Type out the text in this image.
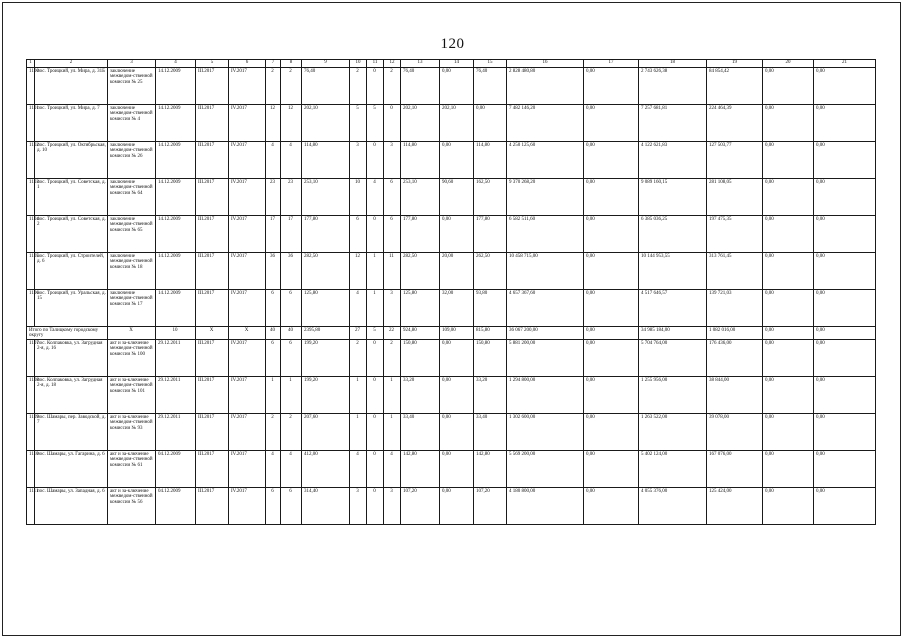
120
1	2	3	4	5	6	7	8	9	10	11	12	13	14	15	16	17	18	19	20	21
1100	пос. Троицкий, ул. Мира, д. 31Б	заключение межведом-ственной комиссии № 25	14.12.2009	III.2017	IV.2017	2	2	76,40	2	0	2	76,40	0,00	76,40	2 828 480,80	0,00	2 743 626,38	84 854,42	0,00	0,00
1101	пос. Троицкий, ул. Мира, д. 7	заключение межведом-ственной комиссии № 4	14.12.2009	III.2017	IV.2017	12	12	202,10	5	5	0	202,10	202,10	0,00	7 482 146,20	0,00	7 257 681,81	224 464,39	0,00	0,00
1102	пос. Троицкий, ул. Октябрьская, д. 10	заключение межведом-ственной комиссии № 26	14.12.2009	III.2017	IV.2017	4	4	114,80	3	0	3	114,80	0,00	114,80	4 250 125,60	0,00	4 122 621,83	127 503,77	0,00	0,00
1103	пос. Троицкий, ул. Советская, д. 1	заключение межведом-ственной комиссии № 64	14.12.2009	III.2017	IV.2017	23	23	253,10	10	4	6	253,10	90,60	162,50	9 370 268,20	0,00	9 089 160,15	281 108,05	0,00	0,00
1104	пос. Троицкий, ул. Советская, д. 2	заключение межведом-ственной комиссии № 65	14.12.2009	III.2017	IV.2017	17	17	177,80	6	0	6	177,80	0,00	177,80	6 582 511,60	0,00	6 385 036,25	197 475,35	0,00	0,00
1105	пос. Троицкий, ул. Строителей, д. 6	заключение межведом-ственной комиссии № 18	14.12.2009	III.2017	IV.2017	36	36	282,50	12	1	11	282,50	20,00	262,50	10 458 715,00	0,00	10 144 953,55	313 761,45	0,00	0,00
1106	пос. Троицкий, ул. Уральская, д. 15	заключение межведом-ственной комиссии № 17	14.12.2009	III.2017	IV.2017	6	6	125,80	4	1	3	125,80	32,00	93,80	4 657 367,60	0,00	4 517 646,57	139 721,03	0,00	0,00
Итого по Талицкому городскому округу		Х	10	Х	Х	40	40	2395,80	27	5	22	924,80	109,00	815,80	36 067 200,00	0,00	34 985 184,00	1 082 016,00	0,00	0,00
1107	пос. Колпаковка, ул. Загрудная 2-я, д. 16	акт и за-ключение межведом-ственной комиссии № 100	29.12.2011	III.2017	IV.2017	6	6	199,20	2	0	2	150,80	0,00	150,80	5 881 200,00	0,00	5 704 764,00	176 436,00	0,00	0,00
1108	пос. Колпаковка, ул. Загрудная 2-я, д. 18	акт и за-ключение межведом-ственной комиссии № 101	29.12.2011	III.2017	IV.2017	1	1	199,20	1	0	1	33,20	0,00	33,20	1 294 800,00	0,00	1 255 956,00	38 844,00	0,00	0,00
1109	пос. Шамары, пер. Заводской, д. 7	акт и за-ключение межведом-ственной комиссии № 93	29.12.2011	III.2017	IV.2017	2	2	207,60	1	0	1	33,40	0,00	33,40	1 302 600,00	0,00	1 263 522,00	39 078,00	0,00	0,00
1110	пос. Шамары, ул. Гагарина, д. 6	акт и за-ключение межведом-ственной комиссии № 61	04.12.2009	III.2017	IV.2017	4	4	412,00	4	0	4	142,80	0,00	142,80	5 569 200,00	0,00	5 402 124,00	167 076,00	0,00	0,00
1111	пос. Шамары, ул. Западная, д. 6	акт и за-ключение межведом-ственной комиссии № 56	04.12.2009	III.2017	IV.2017	6	6	314,40	3	0	3	107,20	0,00	107,20	4 180 800,00	0,00	4 055 376,00	125 424,00	0,00	0,00
